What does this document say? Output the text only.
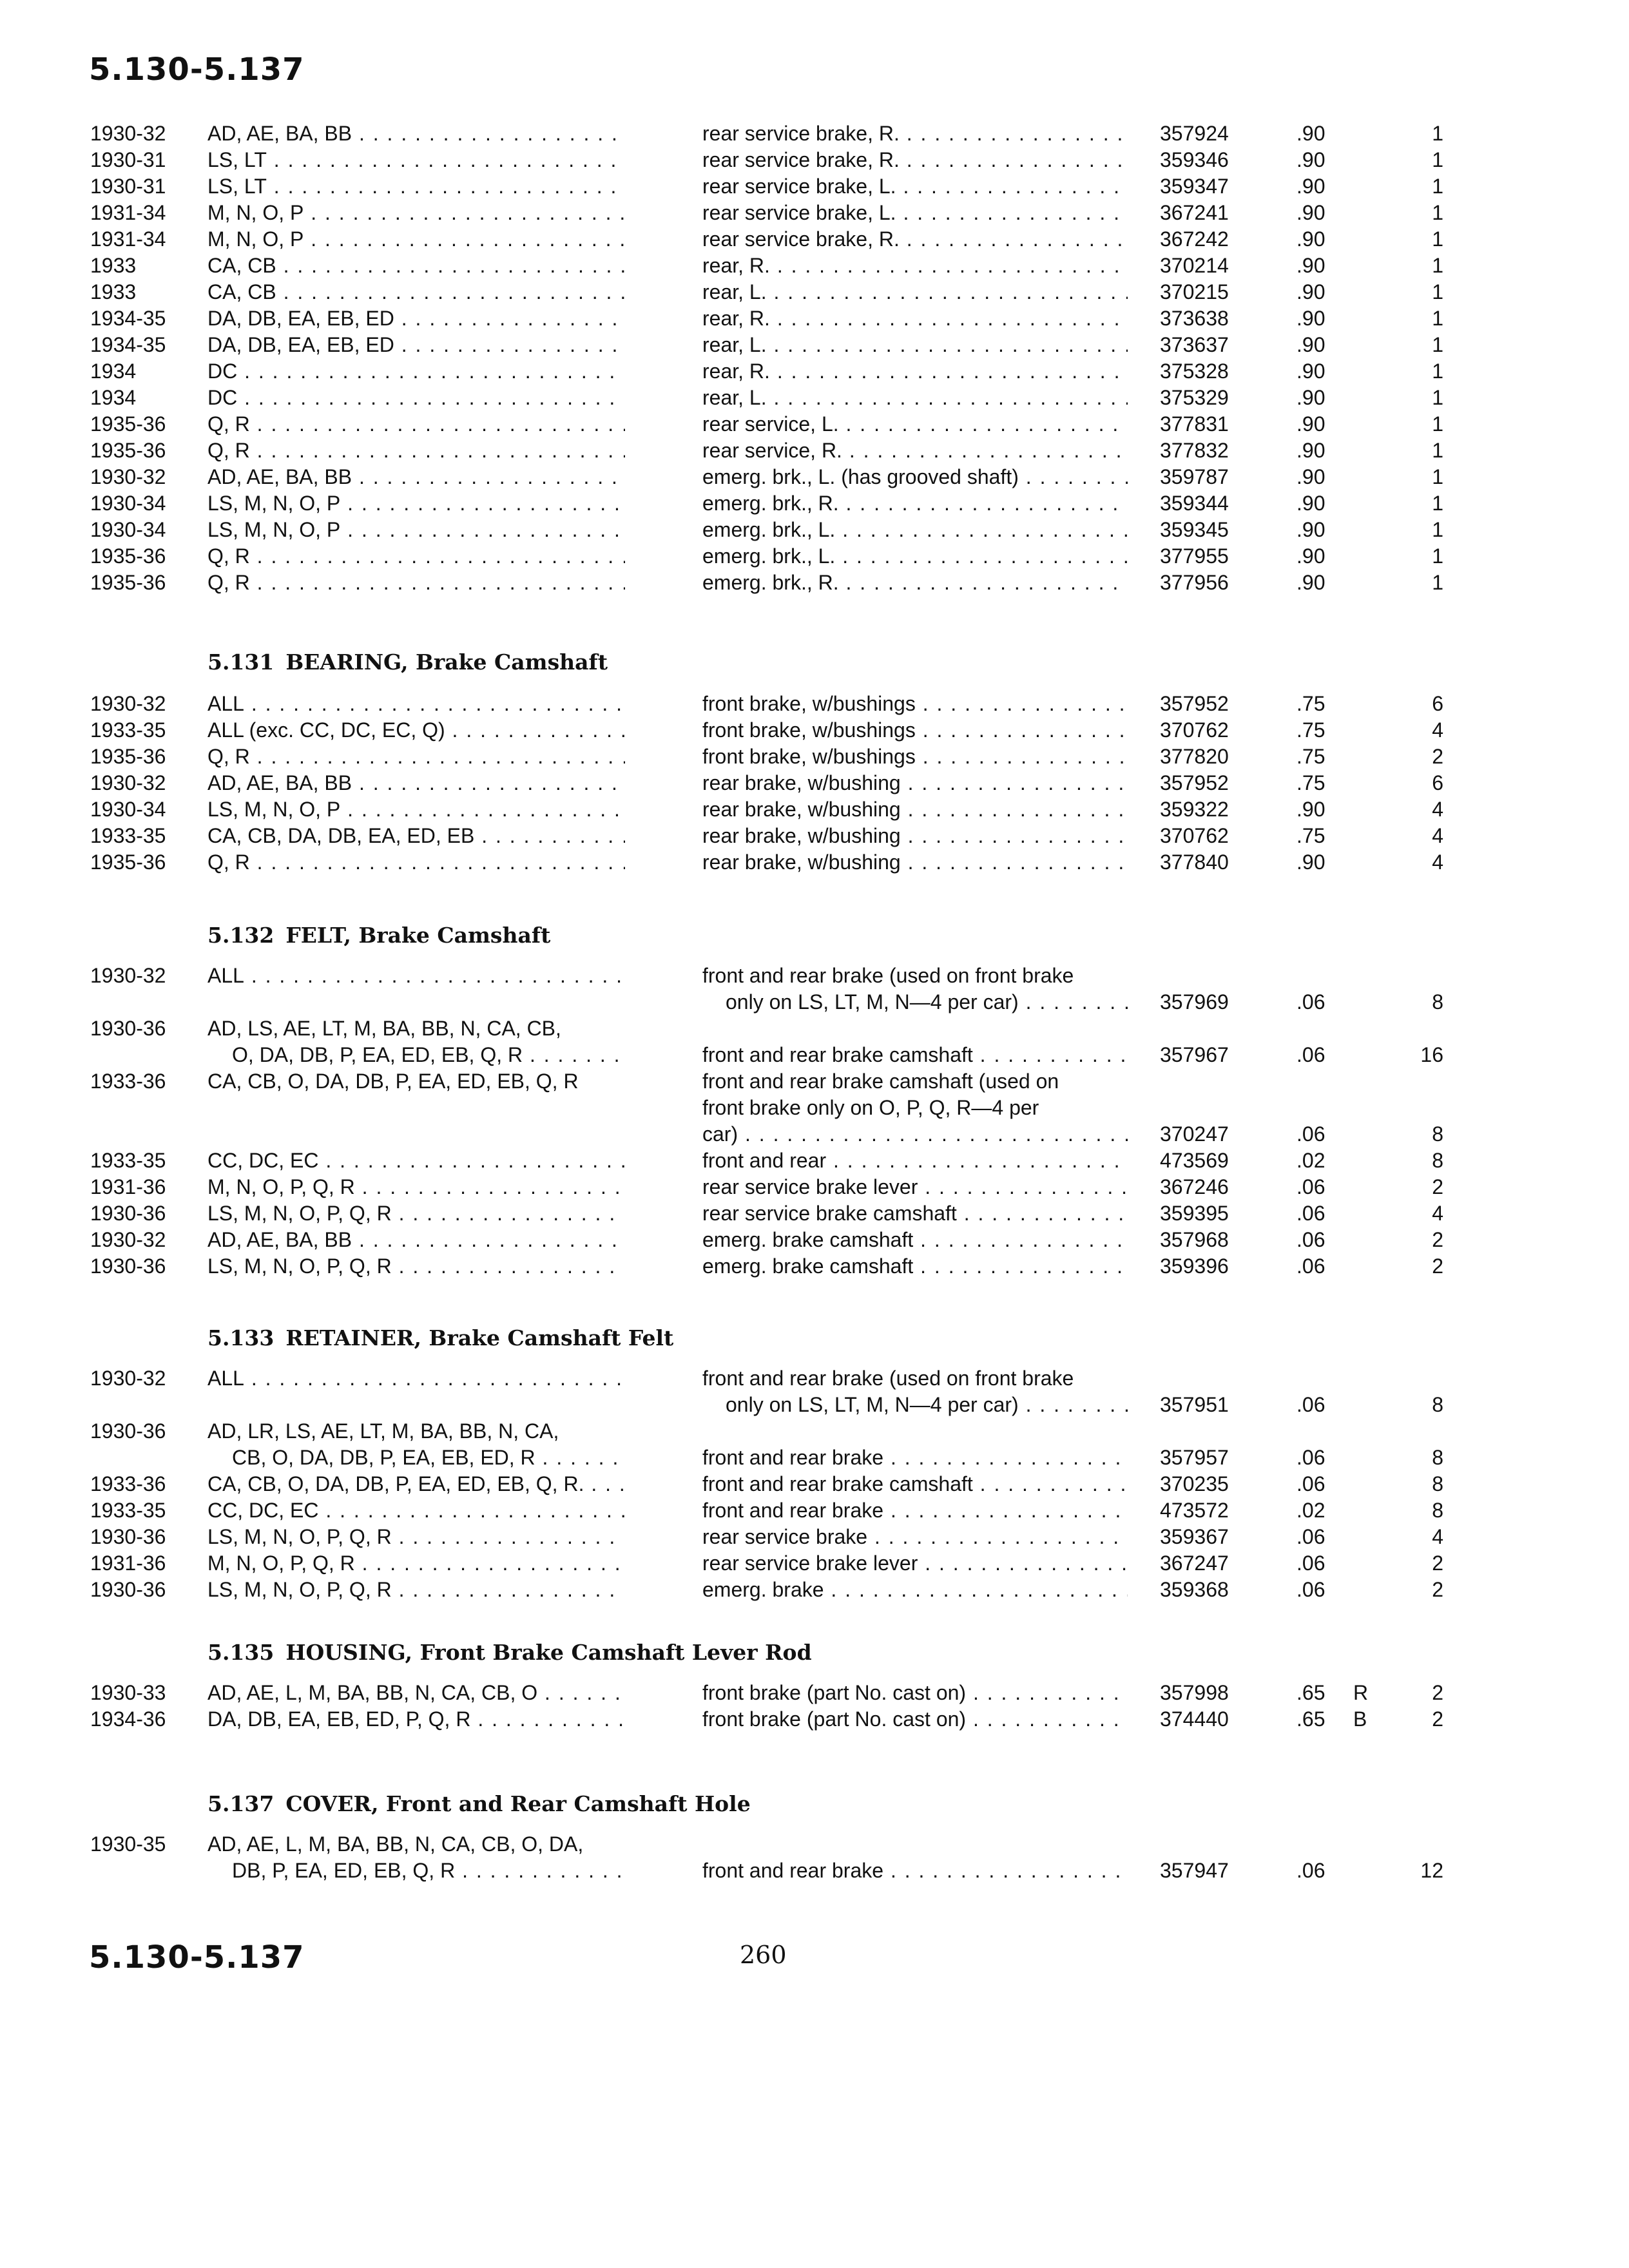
5.130-5.137
1930-32	AD, AE, BA, BB . . .	rear service brake, R. . . .	357924	.90	1
1930-31	LS, LT . . .	rear service brake, R. . . .	359346	.90	1
1930-31	LS, LT . . .	rear service brake, L. . . .	359347	.90	1
1931-34	M, N, O, P . . .	rear service brake, L. . . .	367241	.90	1
1931-34	M, N, O, P . . .	rear service brake, R. . . .	367242	.90	1
1933	CA, CB . . .	rear, R. . . .	370214	.90	1
1933	CA, CB . . .	rear, L. . . .	370215	.90	1
1934-35	DA, DB, EA, EB, ED . . .	rear, R. . . .	373638	.90	1
1934-35	DA, DB, EA, EB, ED . . .	rear, L. . . .	373637	.90	1
1934	DC . . .	rear, R. . . .	375328	.90	1
1934	DC . . .	rear, L. . . .	375329	.90	1
1935-36	Q, R . . .	rear service, L. . . .	377831	.90	1
1935-36	Q, R . . .	rear service, R. . . .	377832	.90	1
1930-32	AD, AE, BA, BB . . .	emerg. brk., L. (has grooved shaft) . . .	359787	.90	1
1930-34	LS, M, N, O, P . . .	emerg. brk., R. . . .	359344	.90	1
1930-34	LS, M, N, O, P . . .	emerg. brk., L. . . .	359345	.90	1
1935-36	Q, R . . .	emerg. brk., L. . . .	377955	.90	1
1935-36	Q, R . . .	emerg. brk., R. . . .	377956	.90	1
5.131 BEARING, Brake Camshaft
1930-32	ALL . . .	front brake, w/bushings . . .	357952	.75	6
1933-35	ALL (exc. CC, DC, EC, Q) . . .	front brake, w/bushings . . .	370762	.75	4
1935-36	Q, R . . .	front brake, w/bushings . . .	377820	.75	2
1930-32	AD, AE, BA, BB . . .	rear brake, w/bushing . . .	357952	.75	6
1930-34	LS, M, N, O, P . . .	rear brake, w/bushing . . .	359322	.90	4
1933-35	CA, CB, DA, DB, EA, ED, EB . . .	rear brake, w/bushing . . .	370762	.75	4
1935-36	Q, R . . .	rear brake, w/bushing . . .	377840	.90	4
5.132 FELT, Brake Camshaft
1930-32	ALL . . .	front and rear brake (used on front brake
only on LS, LT, M, N—4 per car) . . .	357969	.06	8
1930-36	AD, LS, AE, LT, M, BA, BB, N, CA, CB,
O, DA, DB, P, EA, ED, EB, Q, R . . .	front and rear brake camshaft . . .	357967	.06	16
1933-36	CA, CB, O, DA, DB, P, EA, ED, EB, Q, R	front and rear brake camshaft (used on
front brake only on O, P, Q, R—4 per
car) . . .	370247	.06	8
1933-35	CC, DC, EC . . .	front and rear . . .	473569	.02	8
1931-36	M, N, O, P, Q, R . . .	rear service brake lever . . .	367246	.06	2
1930-36	LS, M, N, O, P, Q, R . . .	rear service brake camshaft . . .	359395	.06	4
1930-32	AD, AE, BA, BB . . .	emerg. brake camshaft . . .	357968	.06	2
1930-36	LS, M, N, O, P, Q, R . . .	emerg. brake camshaft . . .	359396	.06	2
5.133 RETAINER, Brake Camshaft Felt
1930-32	ALL . . .	front and rear brake (used on front brake
only on LS, LT, M, N—4 per car) . . .	357951	.06	8
1930-36	AD, LR, LS, AE, LT, M, BA, BB, N, CA,
CB, O, DA, DB, P, EA, EB, ED, R . . .	front and rear brake . . .	357957	.06	8
1933-36	CA, CB, O, DA, DB, P, EA, ED, EB, Q, R. . . .	front and rear brake camshaft . . .	370235	.06	8
1933-35	CC, DC, EC . . .	front and rear brake . . .	473572	.02	8
1930-36	LS, M, N, O, P, Q, R . . .	rear service brake . . .	359367	.06	4
1931-36	M, N, O, P, Q, R . . .	rear service brake lever . . .	367247	.06	2
1930-36	LS, M, N, O, P, Q, R . . .	emerg. brake . . .	359368	.06	2
5.135 HOUSING, Front Brake Camshaft Lever Rod
1930-33	AD, AE, L, M, BA, BB, N, CA, CB, O . . .	front brake (part No. cast on) . . .	357998	.65	R	2
1934-36	DA, DB, EA, EB, ED, P, Q, R . . .	front brake (part No. cast on) . . .	374440	.65	B	2
5.137 COVER, Front and Rear Camshaft Hole
1930-35	AD, AE, L, M, BA, BB, N, CA, CB, O, DA,
DB, P, EA, ED, EB, Q, R . . .	front and rear brake . . .	357947	.06	12
5.130-5.137	260
